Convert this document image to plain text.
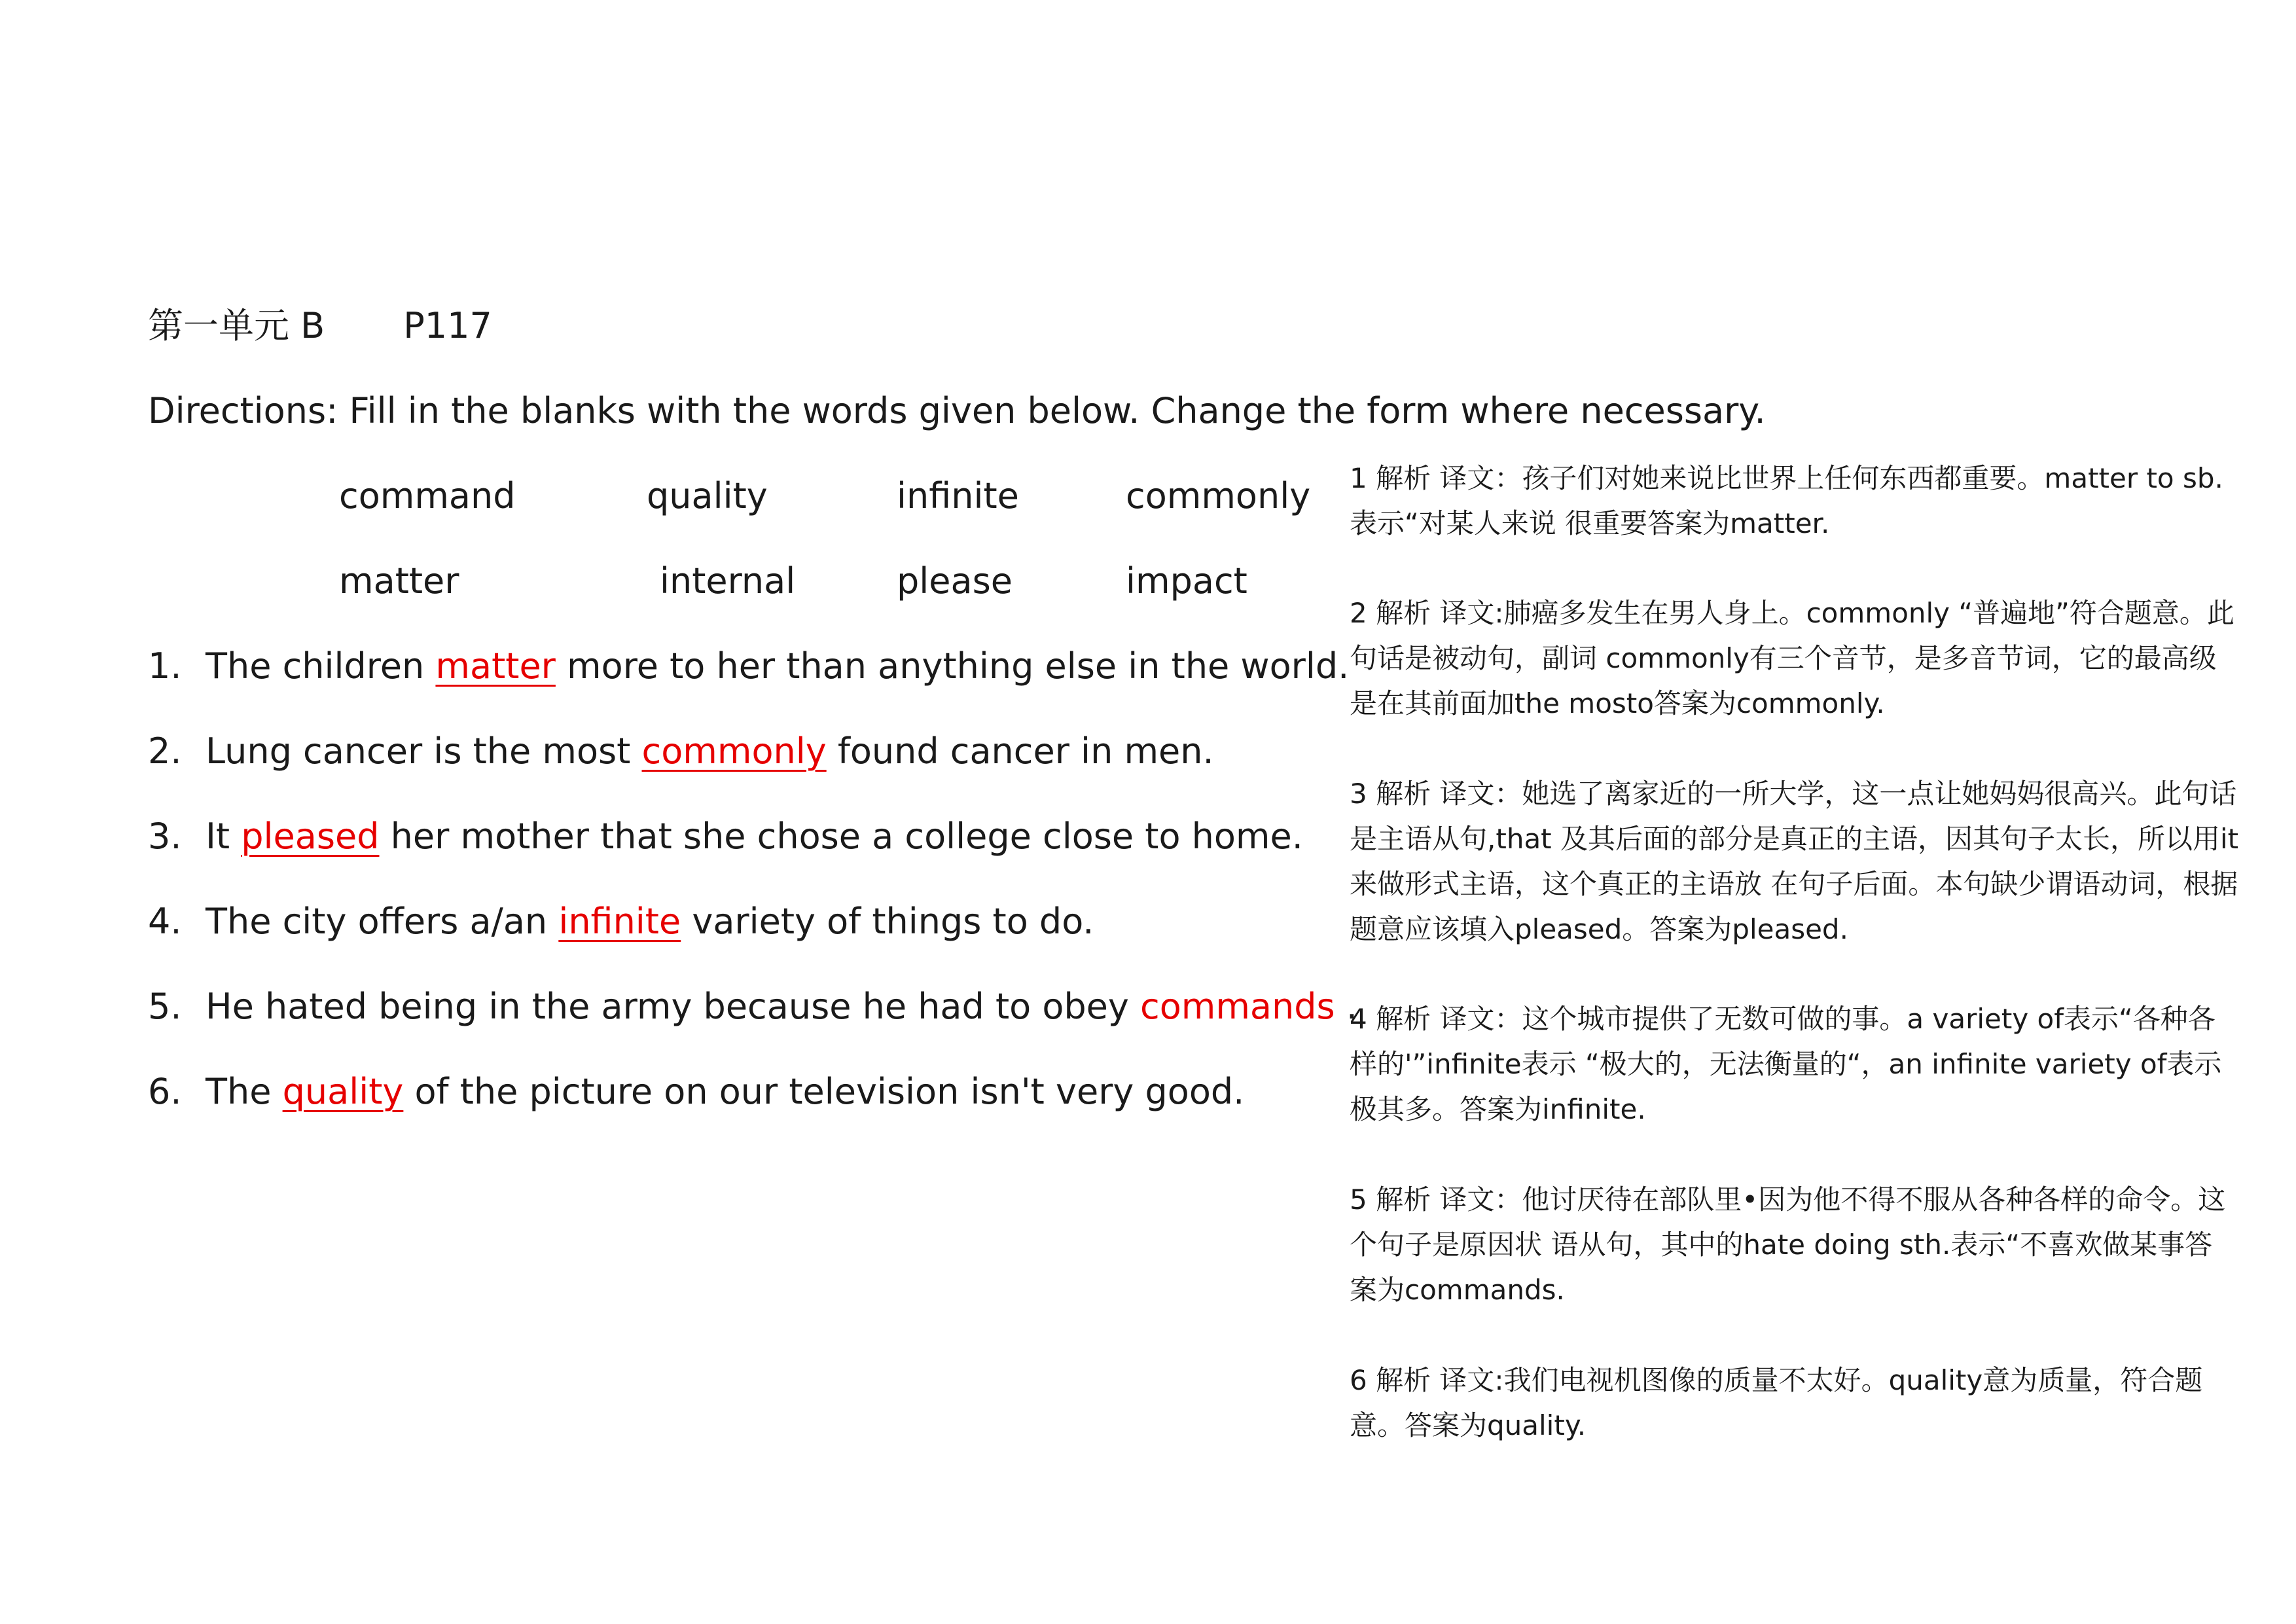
第一单元 B P117
Directions: Fill in the blanks with the words given below. Change the form where necessary.
command	quality	infinite	commonly
matter	internal	please	impact
1. The children matter more to her than anything else in the world.
2. Lung cancer is the most commonly found cancer in men.
3. It pleased her mother that she chose a college close to home.
4. The city offers a/an infinite variety of things to do.
5. He hated being in the army because he had to obey commands .
6. The quality of the picture on our television isn't very good.
1 解析 译文：孩子们对她来说比世界上任何东西都重要。matter to sb.表示“对某人来说 很重要答案为matter.
2 解析 译文:肺癌多发生在男人身上。commonly “普遍地”符合题意。此句话是被动句，副词 commonly有三个音节，是多音节词，它的最高级是在其前面加the mosto答案为commonly.
3 解析 译文：她选了离家近的一所大学，这一点让她妈妈很高兴。此句话是主语从句,that 及其后面的部分是真正的主语，因其句子太长，所以用it来做形式主语，这个真正的主语放 在句子后面。本句缺少谓语动词，根据题意应该填入pleased。答案为pleased.
4 解析 译文：这个城市提供了无数可做的事。a variety of表示“各种各样的'”infinite表示 “极大的，无法衡量的“，an infinite variety of表示极其多。答案为infinite.
5 解析 译文：他讨厌待在部队里•因为他不得不服从各种各样的命令。这个句子是原因状 语从句，其中的hate doing sth.表示“不喜欢做某事答案为commands.
6 解析 译文:我们电视机图像的质量不太好。quality意为质量，符合题意。答案为quality.
